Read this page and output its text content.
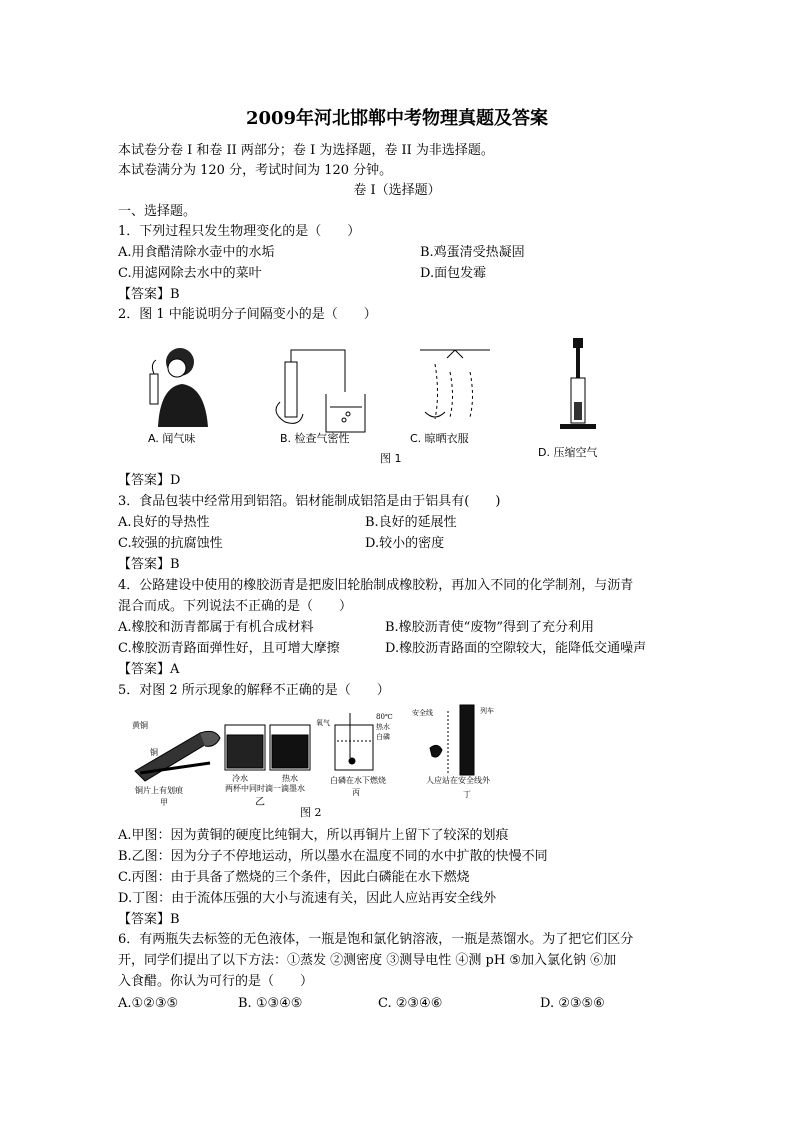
2009年河北邯郸中考物理真题及答案
本试卷分卷 I 和卷 II 两部分；卷 I 为选择题，卷 II 为非选择题。
本试卷满分为 120 分，考试时间为 120 分钟。
卷 I（选择题）
一、选择题。
1．下列过程只发生物理变化的是（　　）
A.用食醋清除水壶中的水垢	B.鸡蛋清受热凝固
C.用滤网除去水中的菜叶	D.面包发霉
【答案】B
2．图 1 中能说明分子间隔变小的是（　　）
A. 闻气味	B. 检查气密性	C. 晾晒衣服
D. 压缩空气
图 1
【答案】D
3．食品包装中经常用到铝箔。铝材能制成铝箔是由于铝具有(　　)
A.良好的导热性	B.良好的延展性
C.较强的抗腐蚀性	D.较小的密度
【答案】B
4．公路建设中使用的橡胶沥青是把废旧轮胎制成橡胶粉，再加入不同的化学制剂，与沥青
混合而成。下列说法不正确的是（　　）
A.橡胶和沥青都属于有机合成材料	B.橡胶沥青使“废物”得到了充分利用
C.橡胶沥青路面弹性好，且可增大摩擦	D.橡胶沥青路面的空隙较大，能降低交通噪声
【答案】A
5．对图 2 所示现象的解释不正确的是（　　）
黄铜
铜
铜片上有划痕
甲
冷水	热水
两杯中同时滴一滴墨水
乙
氧气
80℃
热水
白磷
白磷在水下燃烧
丙
安全线	列车
人应站在安全线外
丁
图 2
A.甲图：因为黄铜的硬度比纯铜大，所以再铜片上留下了较深的划痕
B.乙图：因为分子不停地运动，所以墨水在温度不同的水中扩散的快慢不同
C.丙图：由于具备了燃烧的三个条件，因此白磷能在水下燃烧
D.丁图：由于流体压强的大小与流速有关，因此人应站再安全线外
【答案】B
6．有两瓶失去标签的无色液体，一瓶是饱和氯化钠溶液，一瓶是蒸馏水。为了把它们区分
开，同学们提出了以下方法：①蒸发 ②测密度 ③测导电性 ④测 pH ⑤加入氯化钠 ⑥加
入食醋。你认为可行的是（　　）
A.①②③⑤	B. ①③④⑤	C. ②③④⑥	D. ②③⑤⑥
